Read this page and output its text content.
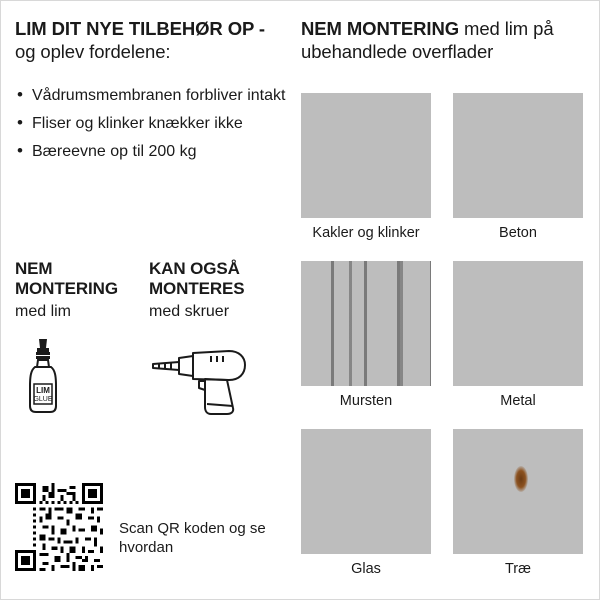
LIM DIT NYE TILBEHØR OP - og oplev fordelene:

• Vådrumsmembranen forbliver intakt
• Fliser og klinker knækker ikke
• Bæreevne op til 200 kg

NEM MONTERING

med lim

LIM
GLUE

KAN OGSÅ MONTERES

med skruer

Scan QR koden og se hvordan

NEM MONTERING med lim på ubehandlede overflader

Kakler og klinker	Beton
Mursten	Metal
Glas	Træ
